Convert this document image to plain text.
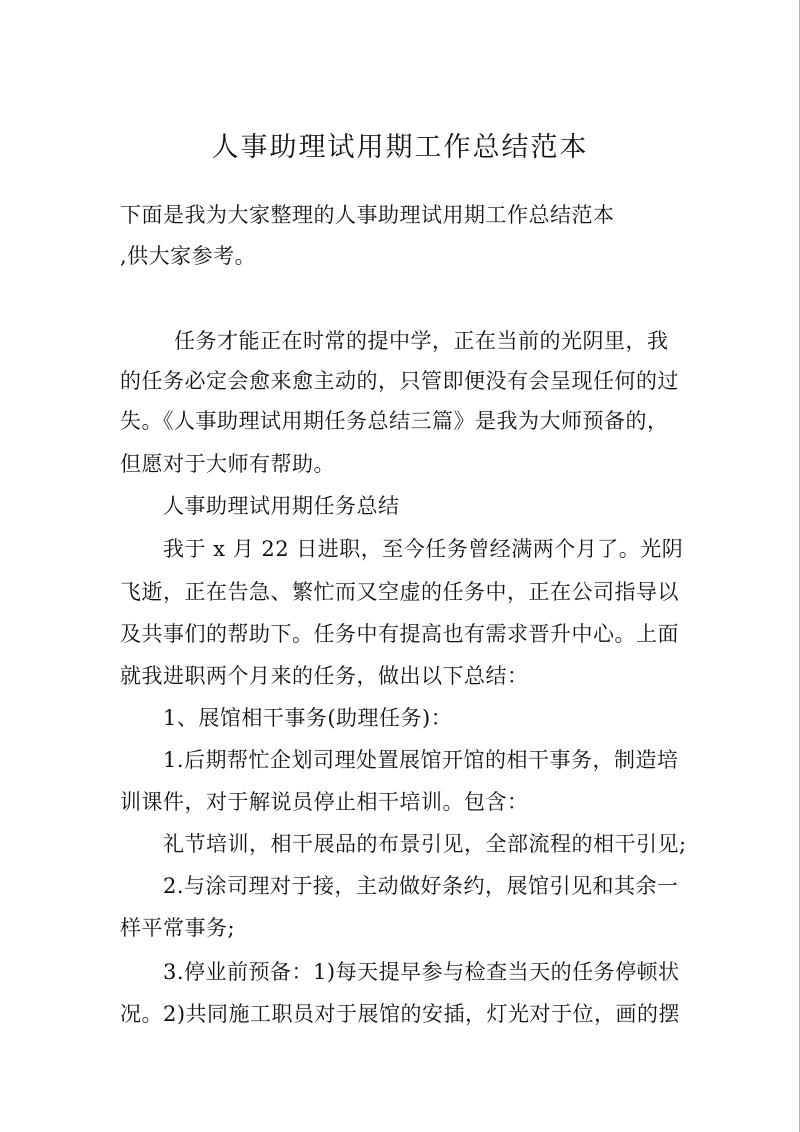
人事助理试用期工作总结范本
下面是我为大家整理的人事助理试用期工作总结范本
,供大家参考。
任务才能正在时常的提中学，正在当前的光阴里，我
的任务必定会愈来愈主动的，只管即便没有会呈现任何的过
失。《人事助理试用期任务总结三篇》是我为大师预备的，
但愿对于大师有帮助。
人事助理试用期任务总结
我于 x 月 22 日进职，至今任务曾经满两个月了。光阴
飞逝，正在告急、繁忙而又空虚的任务中，正在公司指导以
及共事们的帮助下。任务中有提高也有需求晋升中心。上面
就我进职两个月来的任务，做出以下总结：
1、展馆相干事务(助理任务)：
1.后期帮忙企划司理处置展馆开馆的相干事务，制造培
训课件，对于解说员停止相干培训。包含：
礼节培训，相干展品的布景引见，全部流程的相干引见;
2.与涂司理对于接，主动做好条约，展馆引见和其余一
样平常事务;
3.停业前预备：1)每天提早参与检查当天的任务停顿状
况。2)共同施工职员对于展馆的安插，灯光对于位，画的摆
